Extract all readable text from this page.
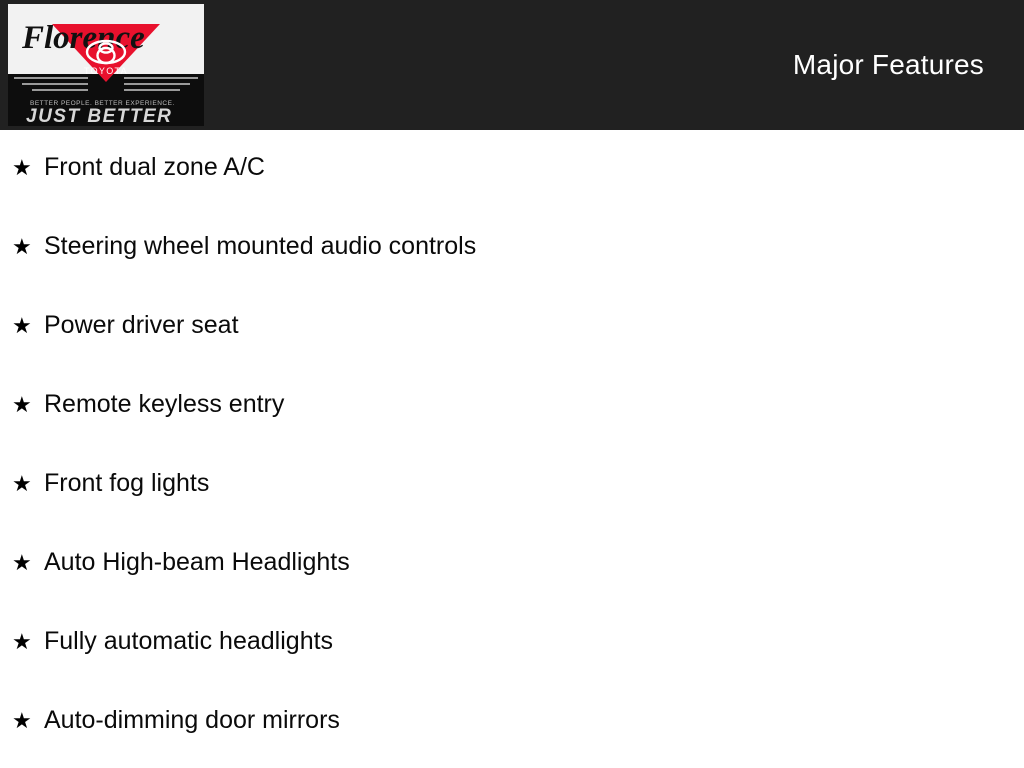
Major Features
Florence
TOYOTA
BETTER PEOPLE. BETTER EXPERIENCE.
JUST BETTER
★ Front dual zone A/C
★ Steering wheel mounted audio controls
★ Power driver seat
★ Remote keyless entry
★ Front fog lights
★ Auto High-beam Headlights
★ Fully automatic headlights
★ Auto-dimming door mirrors
